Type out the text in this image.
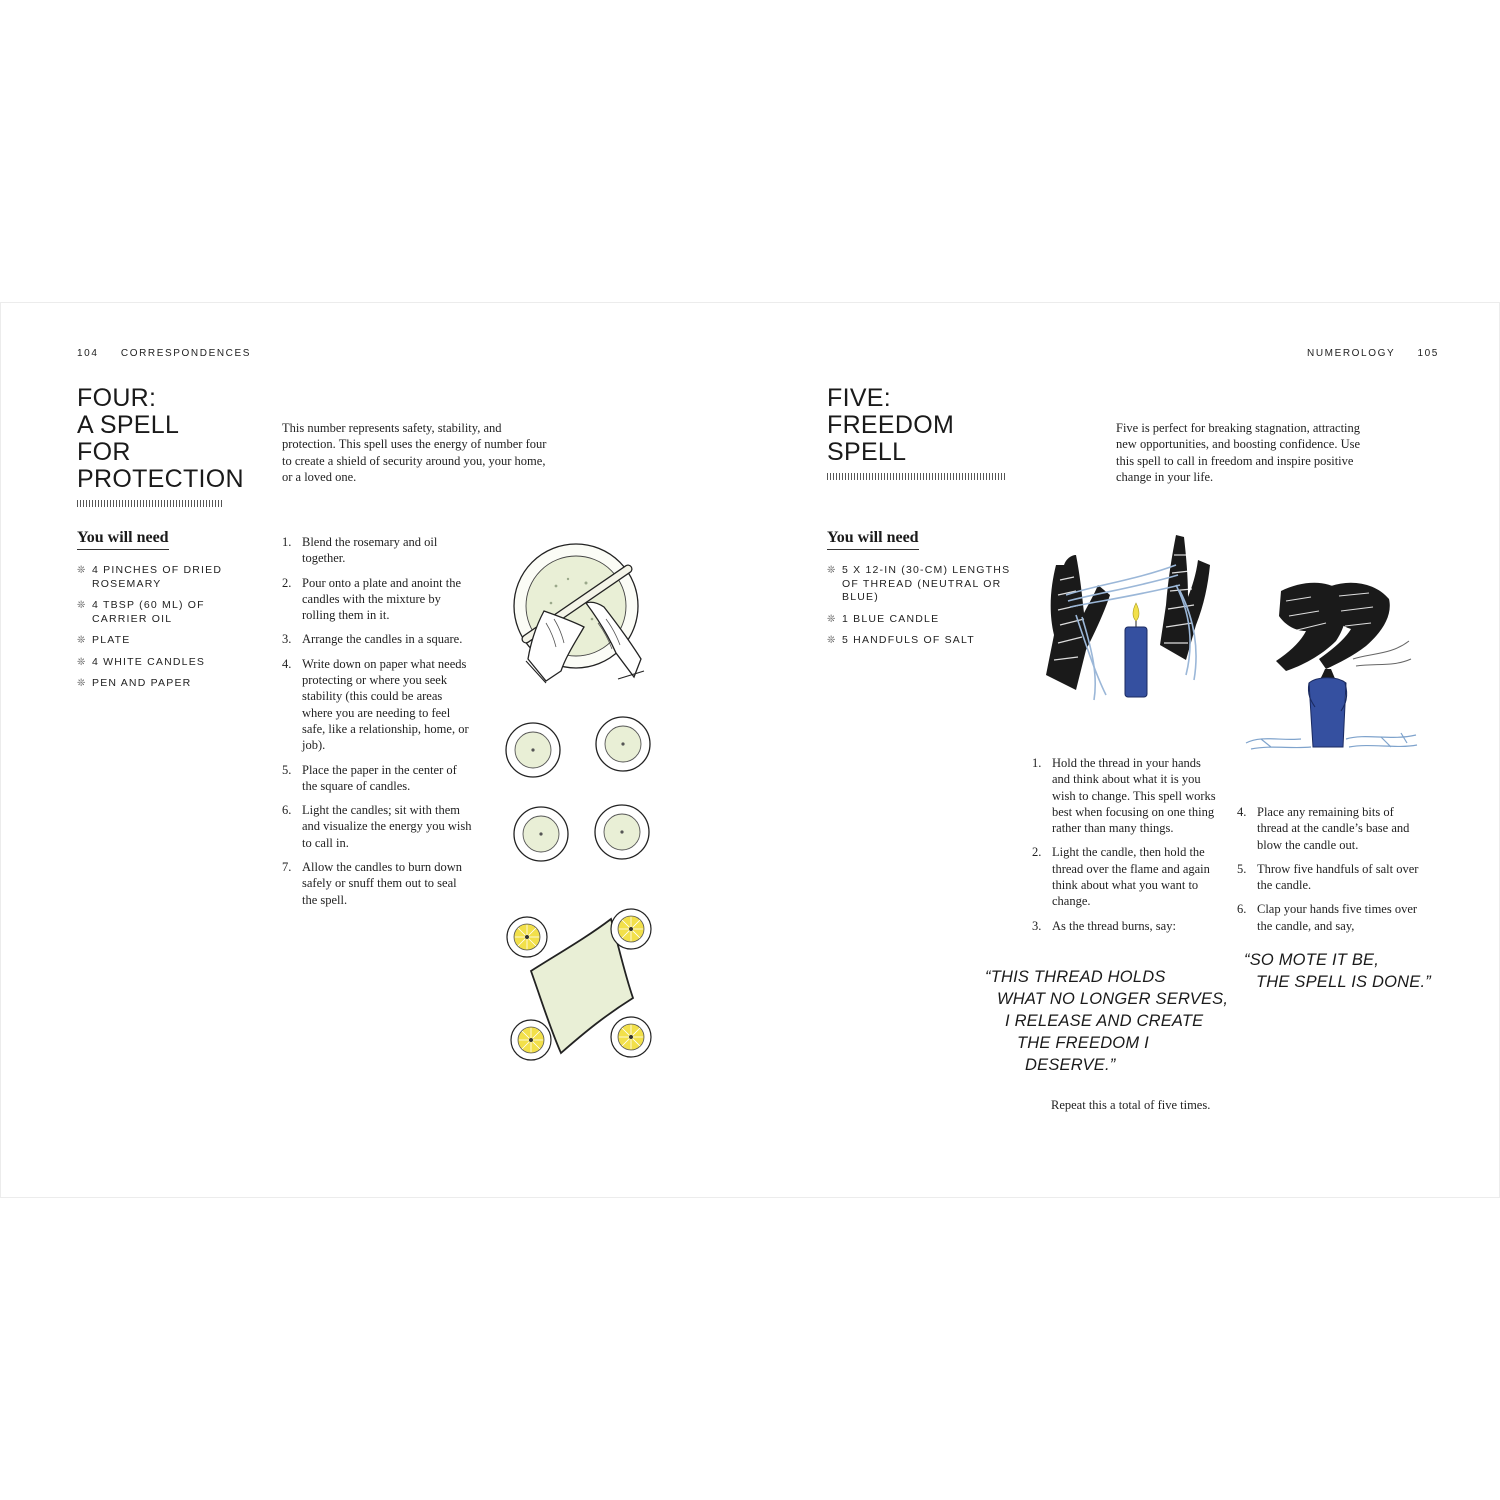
104 CORRESPONDENCES
FOUR:
A SPELL FOR
PROTECTION

This number represents safety, stability, and protection. This spell uses the energy of number four to create a shield of security around you, your home, or a loved one.

You will need
❊ 4 PINCHES OF DRIED ROSEMARY
❊ 4 TBSP (60 ML) OF CARRIER OIL
❊ PLATE
❊ 4 WHITE CANDLES
❊ PEN AND PAPER
1. Blend the rosemary and oil together.
2. Pour onto a plate and anoint the candles with the mixture by rolling them in it.
3. Arrange the candles in a square.
4. Write down on paper what needs protecting or where you seek stability (this could be areas where you are needing to feel safe, like a relationship, home, or job).
5. Place the paper in the center of the square of candles.
6. Light the candles; sit with them and visualize the energy you wish to call in.
7. Allow the candles to burn down safely or snuff them out to seal the spell.
NUMEROLOGY 105
FIVE:
FREEDOM SPELL

Five is perfect for breaking stagnation, attracting new opportunities, and boosting confidence. Use this spell to call in freedom and inspire positive change in your life.

You will need
❊ 5 X 12-IN (30-CM) LENGTHS OF THREAD (NEUTRAL OR BLUE)
❊ 1 BLUE CANDLE
❊ 5 HANDFULS OF SALT
1. Hold the thread in your hands and think about what it is you wish to change. This spell works best when focusing on one thing rather than many things.
2. Light the candle, then hold the thread over the flame and again think about what you want to change.
3. As the thread burns, say:
“THIS THREAD HOLDS
WHAT NO LONGER SERVES,
I RELEASE AND CREATE
THE FREEDOM I
DESERVE.”

Repeat this a total of five times.

4. Place any remaining bits of thread at the candle’s base and blow the candle out.
5. Throw five handfuls of salt over the candle.
6. Clap your hands five times over the candle, and say,
“SO MOTE IT BE,
THE SPELL IS DONE.”
